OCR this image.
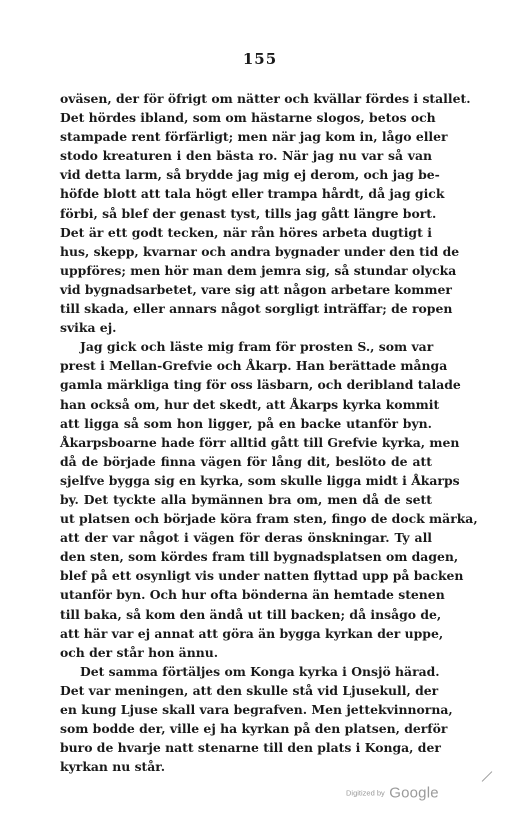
155
oväsen, der för öfrigt om nätter och kvällar fördes i stallet.
Det hördes ibland, som om hästarne slogos, betos och
stampade rent förfärligt; men när jag kom in, lågo eller
stodo kreaturen i den bästa ro. När jag nu var så van
vid detta larm, så brydde jag mig ej derom, och jag be-
höfde blott att tala högt eller trampa hårdt, då jag gick
förbi, så blef der genast tyst, tills jag gått längre bort.
Det är ett godt tecken, när rån höres arbeta dugtigt i
hus, skepp, kvarnar och andra bygnader under den tid de
uppföres; men hör man dem jemra sig, så stundar olycka
vid bygnadsarbetet, vare sig att någon arbetare kommer
till skada, eller annars något sorgligt inträffar; de ropen
svika ej.
Jag gick och läste mig fram för prosten S., som var
prest i Mellan-Grefvie och Åkarp. Han berättade många
gamla märkliga ting för oss läsbarn, och deribland talade
han också om, hur det skedt, att Åkarps kyrka kommit
att ligga så som hon ligger, på en backe utanför byn.
Åkarpsboarne hade förr alltid gått till Grefvie kyrka, men
då de började finna vägen för lång dit, beslöto de att
sjelfve bygga sig en kyrka, som skulle ligga midt i Åkarps
by. Det tyckte alla bymännen bra om, men då de sett
ut platsen och började köra fram sten, fingo de dock märka,
att der var något i vägen för deras önskningar. Ty all
den sten, som kördes fram till bygnadsplatsen om dagen,
blef på ett osynligt vis under natten flyttad upp på backen
utanför byn. Och hur ofta bönderna än hemtade stenen
till baka, så kom den ändå ut till backen; då insågo de,
att här var ej annat att göra än bygga kyrkan der uppe,
och der står hon ännu.
Det samma förtäljes om Konga kyrka i Onsjö härad.
Det var meningen, att den skulle stå vid Ljusekull, der
en kung Ljuse skall vara begrafven. Men jettekvinnorna,
som bodde der, ville ej ha kyrkan på den platsen, derför
buro de hvarje natt stenarne till den plats i Konga, der
kyrkan nu står.
Digitized by Google
